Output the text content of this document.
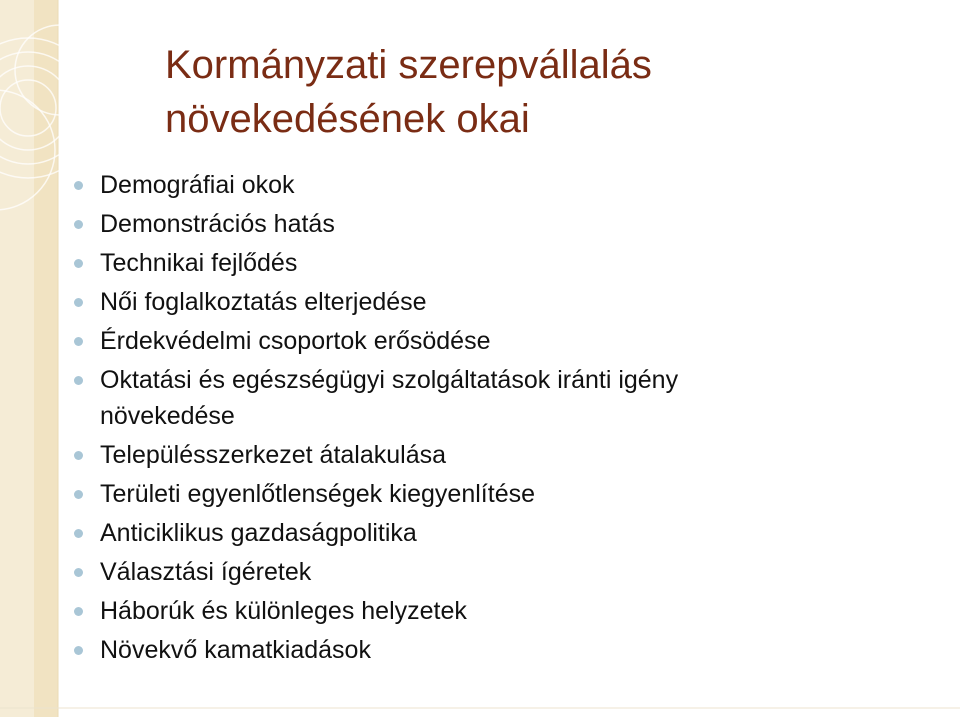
Kormányzati szerepvállalás növekedésének okai
Demográfiai okok
Demonstrációs hatás
Technikai fejlődés
Női foglalkoztatás elterjedése
Érdekvédelmi csoportok erősödése
Oktatási és egészségügyi szolgáltatások iránti igény növekedése
Településszerkezet átalakulása
Területi egyenlőtlenségek kiegyenlítése
Anticiklikus gazdaságpolitika
Választási ígéretek
Háborúk és különleges helyzetek
Növekvő kamatkiadások
